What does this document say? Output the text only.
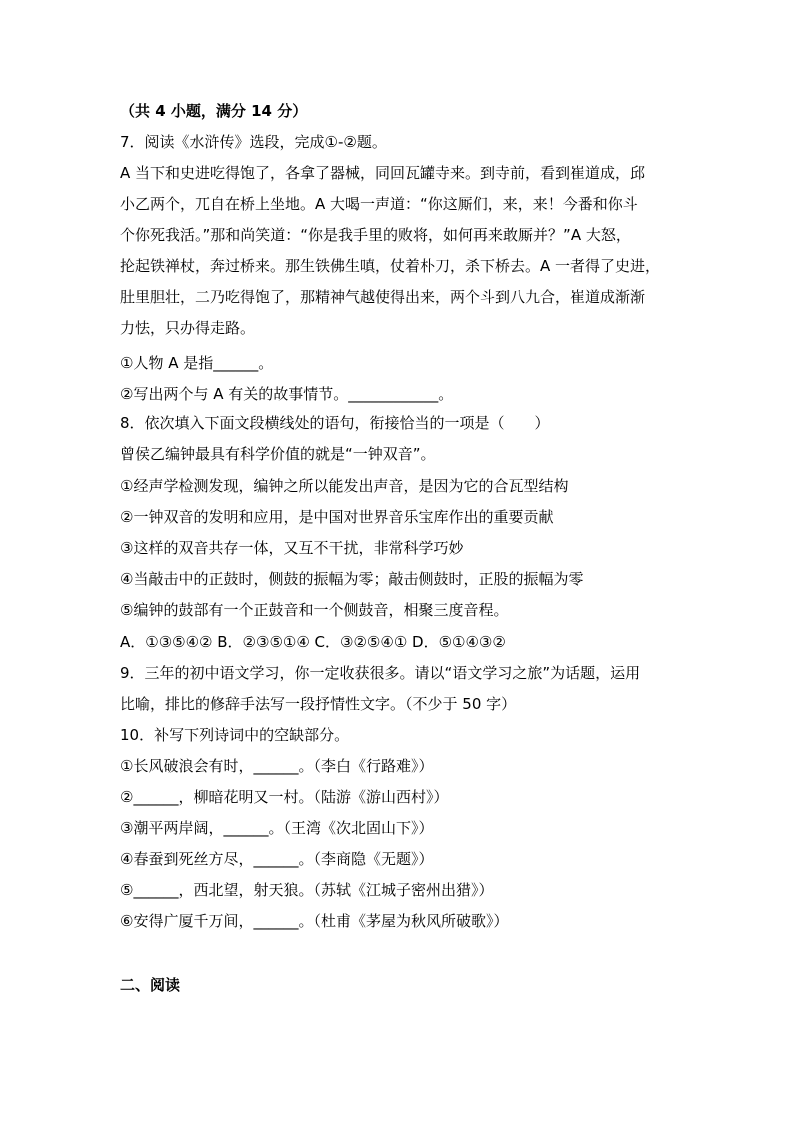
（共 4 小题，满分 14 分）
7．阅读《水浒传》选段，完成①-②题。
A 当下和史进吃得饱了，各拿了器械，同回瓦罐寺来。到寺前，看到崔道成，邱
小乙两个，兀自在桥上坐地。A 大喝一声道：“你这厮们，来，来！今番和你斗
个你死我活。”那和尚笑道：“你是我手里的败将，如何再来敢厮并？”A 大怒，
抡起铁禅杖，奔过桥来。那生铁佛生嗔，仗着朴刀，杀下桥去。A 一者得了史进，
肚里胆壮，二乃吃得饱了，那精神气越使得出来，两个斗到八九合，崔道成渐渐
力怯，只办得走路。
①人物 A 是指______。
②写出两个与 A 有关的故事情节。____________。
8．依次填入下面文段横线处的语句，衔接恰当的一项是（　　）
曾侯乙编钟最具有科学价值的就是“一钟双音”。
①经声学检测发现，编钟之所以能发出声音，是因为它的合瓦型结构
②一钟双音的发明和应用，是中国对世界音乐宝库作出的重要贡献
③这样的双音共存一体，又互不干扰，非常科学巧妙
④当敲击中的正鼓时，侧鼓的振幅为零；敲击侧鼓时，正股的振幅为零
⑤编钟的鼓部有一个正鼓音和一个侧鼓音，相聚三度音程。
A．①③⑤④② B．②③⑤①④ C．③②⑤④① D．⑤①④③②
9．三年的初中语文学习，你一定收获很多。请以“语文学习之旅”为话题，运用
比喻，排比的修辞手法写一段抒情性文字。（不少于 50 字）
10．补写下列诗词中的空缺部分。
①长风破浪会有时，______。（李白《行路难》）
②______，柳暗花明又一村。（陆游《游山西村》）
③潮平两岸阔，______。（王湾《次北固山下》）
④春蚕到死丝方尽，______。（李商隐《无题》）
⑤______，西北望，射天狼。（苏轼《江城子密州出猎》）
⑥安得广厦千万间，______。（杜甫《茅屋为秋风所破歌》）
二、阅读
